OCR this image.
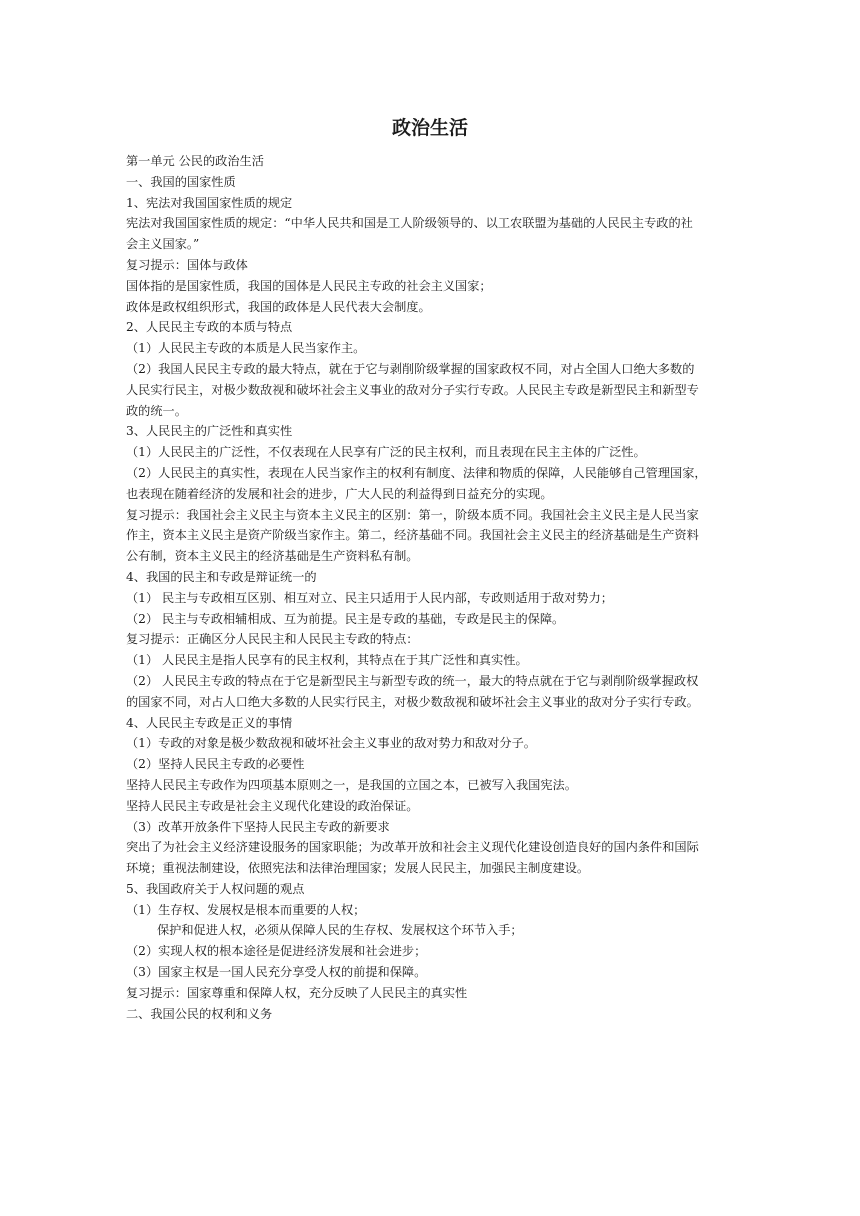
政治生活
第一单元 公民的政治生活
一、我国的国家性质
1、宪法对我国国家性质的规定
宪法对我国国家性质的规定：“中华人民共和国是工人阶级领导的、以工农联盟为基础的人民民主专政的社
会主义国家。”
复习提示：国体与政体
国体指的是国家性质，我国的国体是人民民主专政的社会主义国家；
政体是政权组织形式，我国的政体是人民代表大会制度。
2、人民民主专政的本质与特点
（1）人民民主专政的本质是人民当家作主。
（2）我国人民民主专政的最大特点，就在于它与剥削阶级掌握的国家政权不同，对占全国人口绝大多数的
人民实行民主，对极少数敌视和破坏社会主义事业的敌对分子实行专政。人民民主专政是新型民主和新型专
政的统一。
3、人民民主的广泛性和真实性
（1）人民民主的广泛性，不仅表现在人民享有广泛的民主权利，而且表现在民主主体的广泛性。
（2）人民民主的真实性，表现在人民当家作主的权利有制度、法律和物质的保障，人民能够自己管理国家，
也表现在随着经济的发展和社会的进步，广大人民的利益得到日益充分的实现。
复习提示：我国社会主义民主与资本主义民主的区别：第一，阶级本质不同。我国社会主义民主是人民当家
作主，资本主义民主是资产阶级当家作主。第二，经济基础不同。我国社会主义民主的经济基础是生产资料
公有制，资本主义民主的经济基础是生产资料私有制。
4、我国的民主和专政是辩证统一的
（1） 民主与专政相互区别、相互对立、民主只适用于人民内部，专政则适用于敌对势力；
（2） 民主与专政相辅相成、互为前提。民主是专政的基础，专政是民主的保障。
复习提示：正确区分人民民主和人民民主专政的特点：
（1） 人民民主是指人民享有的民主权利，其特点在于其广泛性和真实性。
（2） 人民民主专政的特点在于它是新型民主与新型专政的统一，最大的特点就在于它与剥削阶级掌握政权
的国家不同，对占人口绝大多数的人民实行民主，对极少数敌视和破坏社会主义事业的敌对分子实行专政。
4、人民民主专政是正义的事情
（1）专政的对象是极少数敌视和破坏社会主义事业的敌对势力和敌对分子。
（2）坚持人民民主专政的必要性
坚持人民民主专政作为四项基本原则之一，是我国的立国之本，已被写入我国宪法。
坚持人民民主专政是社会主义现代化建设的政治保证。
（3）改革开放条件下坚持人民民主专政的新要求
突出了为社会主义经济建设服务的国家职能；为改革开放和社会主义现代化建设创造良好的国内条件和国际
环境；重视法制建设，依照宪法和法律治理国家；发展人民民主，加强民主制度建设。
5、我国政府关于人权问题的观点
（1）生存权、发展权是根本而重要的人权；
保护和促进人权，必须从保障人民的生存权、发展权这个环节入手；
（2）实现人权的根本途径是促进经济发展和社会进步；
（3）国家主权是一国人民充分享受人权的前提和保障。
复习提示：国家尊重和保障人权，充分反映了人民民主的真实性
二、我国公民的权利和义务
